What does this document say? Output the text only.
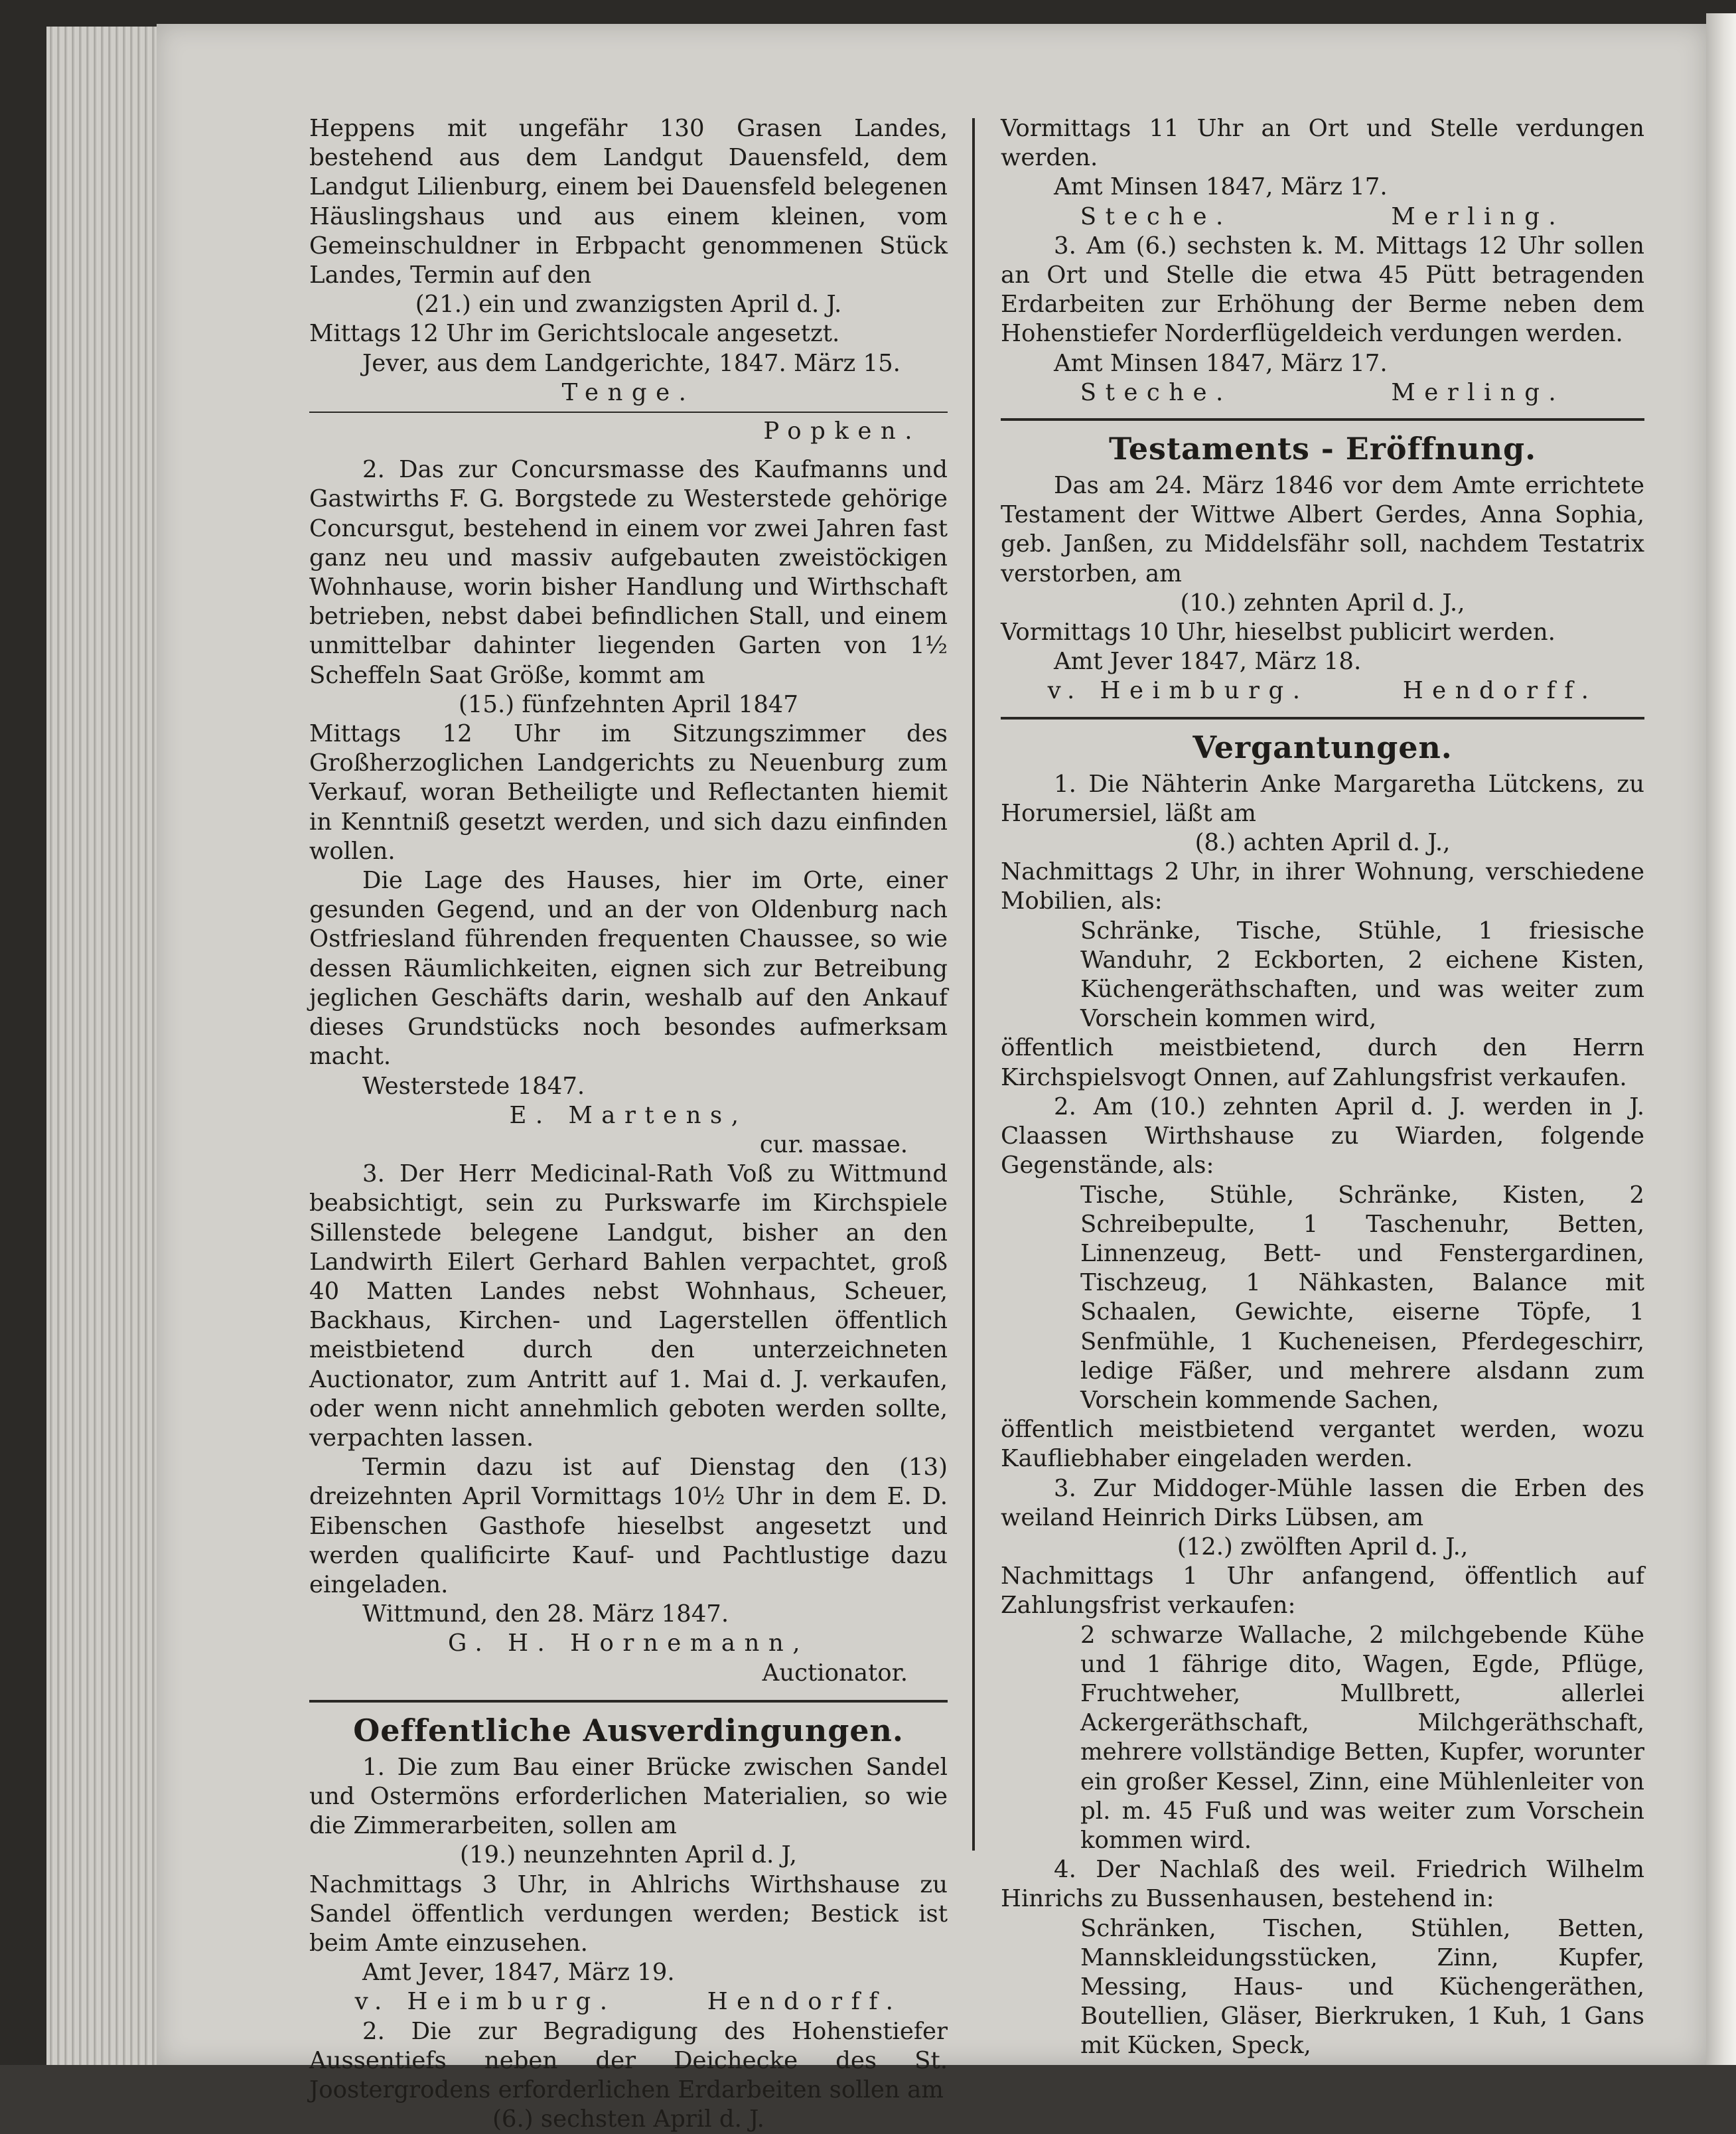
Heppens mit ungefähr 130 Grasen Landes, bestehend aus dem Landgut Dauensfeld, dem Landgut Lilienburg, einem bei Dauensfeld belegenen Häuslingshaus und aus einem kleinen, vom Gemeinschuldner in Erbpacht genommenen Stück Landes, Termin auf den

(21.) ein und zwanzigsten April d. J.

Mittags 12 Uhr im Gerichtslocale angesetzt.

Jever, aus dem Landgerichte, 1847. März 15.

Tenge.

Popken.

2. Das zur Concursmasse des Kaufmanns und Gastwirths F. G. Borgstede zu Westerstede gehörige Concursgut, bestehend in einem vor zwei Jahren fast ganz neu und massiv aufgebauten zweistöckigen Wohnhause, worin bisher Handlung und Wirthschaft betrieben, nebst dabei befindlichen Stall, und einem unmittelbar dahinter liegenden Garten von 1½ Scheffeln Saat Größe, kommt am

(15.) fünfzehnten April 1847

Mittags 12 Uhr im Sitzungszimmer des Großherzoglichen Landgerichts zu Neuenburg zum Verkauf, woran Betheiligte und Reflectanten hiemit in Kenntniß gesetzt werden, und sich dazu einfinden wollen.

Die Lage des Hauses, hier im Orte, einer gesunden Gegend, und an der von Oldenburg nach Ostfriesland führenden frequenten Chaussee, so wie dessen Räumlichkeiten, eignen sich zur Betreibung jeglichen Geschäfts darin, weshalb auf den Ankauf dieses Grundstücks noch besondes aufmerksam macht.

Westerstede 1847.

E. Martens,

cur. massae.

3. Der Herr Medicinal-Rath Voß zu Wittmund beabsichtigt, sein zu Purkswarfe im Kirchspiele Sillenstede belegene Landgut, bisher an den Landwirth Eilert Gerhard Bahlen verpachtet, groß 40 Matten Landes nebst Wohnhaus, Scheuer, Backhaus, Kirchen- und Lagerstellen öffentlich meistbietend durch den unterzeichneten Auctionator, zum Antritt auf 1. Mai d. J. verkaufen, oder wenn nicht annehmlich geboten werden sollte, verpachten lassen.

Termin dazu ist auf Dienstag den (13) dreizehnten April Vormittags 10½ Uhr in dem E. D. Eibenschen Gasthofe hieselbst angesetzt und werden qualificirte Kauf- und Pachtlustige dazu eingeladen.

Wittmund, den 28. März 1847.

G. H. Hornemann,

Auctionator.

Oeffentliche Ausverdingungen.

1. Die zum Bau einer Brücke zwischen Sandel und Ostermöns erforderlichen Materialien, so wie die Zimmerarbeiten, sollen am

(19.) neunzehnten April d. J,

Nachmittags 3 Uhr, in Ahlrichs Wirthshause zu Sandel öffentlich verdungen werden; Bestick ist beim Amte einzusehen.

Amt Jever, 1847, März 19.

v. Heimburg.	Hendorff.

2. Die zur Begradigung des Hohenstiefer Aussentiefs neben der Deichecke des St. Joostergrodens erforderlichen Erdarbeiten sollen am

(6.) sechsten April d. J.

Vormittags 11 Uhr an Ort und Stelle verdungen werden.

Amt Minsen 1847, März 17.

Steche.	Merling.

3. Am (6.) sechsten k. M. Mittags 12 Uhr sollen an Ort und Stelle die etwa 45 Pütt betragenden Erdarbeiten zur Erhöhung der Berme neben dem Hohenstiefer Norderflügeldeich verdungen werden.

Amt Minsen 1847, März 17.

Steche.	Merling.

Testaments - Eröffnung.

Das am 24. März 1846 vor dem Amte errichtete Testament der Wittwe Albert Gerdes, Anna Sophia, geb. Janßen, zu Middelsfähr soll, nachdem Testatrix verstorben, am

(10.) zehnten April d. J.,

Vormittags 10 Uhr, hieselbst publicirt werden.

Amt Jever 1847, März 18.

v. Heimburg.	Hendorff.

Vergantungen.

1. Die Nähterin Anke Margaretha Lütckens, zu Horumersiel, läßt am

(8.) achten April d. J.,

Nachmittags 2 Uhr, in ihrer Wohnung, verschiedene Mobilien, als:

Schränke, Tische, Stühle, 1 friesische Wanduhr, 2 Eckborten, 2 eichene Kisten, Küchengeräthschaften, und was weiter zum Vorschein kommen wird,

öffentlich meistbietend, durch den Herrn Kirchspielsvogt Onnen, auf Zahlungsfrist verkaufen.

2. Am (10.) zehnten April d. J. werden in J. Claassen Wirthshause zu Wiarden, folgende Gegenstände, als:

Tische, Stühle, Schränke, Kisten, 2 Schreibepulte, 1 Taschenuhr, Betten, Linnenzeug, Bett- und Fenstergardinen, Tischzeug, 1 Nähkasten, Balance mit Schaalen, Gewichte, eiserne Töpfe, 1 Senfmühle, 1 Kucheneisen, Pferdegeschirr, ledige Fäßer, und mehrere alsdann zum Vorschein kommende Sachen,

öffentlich meistbietend vergantet werden, wozu Kaufliebhaber eingeladen werden.

3. Zur Middoger-Mühle lassen die Erben des weiland Heinrich Dirks Lübsen, am

(12.) zwölften April d. J.,

Nachmittags 1 Uhr anfangend, öffentlich auf Zahlungsfrist verkaufen:

2 schwarze Wallache, 2 milchgebende Kühe und 1 fährige dito, Wagen, Egde, Pflüge, Fruchtweher, Mullbrett, allerlei Ackergeräthschaft, Milchgeräthschaft, mehrere vollständige Betten, Kupfer, worunter ein großer Kessel, Zinn, eine Mühlenleiter von pl. m. 45 Fuß und was weiter zum Vorschein kommen wird.

4. Der Nachlaß des weil. Friedrich Wilhelm Hinrichs zu Bussenhausen, bestehend in:

Schränken, Tischen, Stühlen, Betten, Mannskleidungsstücken, Zinn, Kupfer, Messing, Haus- und Küchengeräthen, Boutellien, Gläser, Bierkruken, 1 Kuh, 1 Gans mit Kücken, Speck,
